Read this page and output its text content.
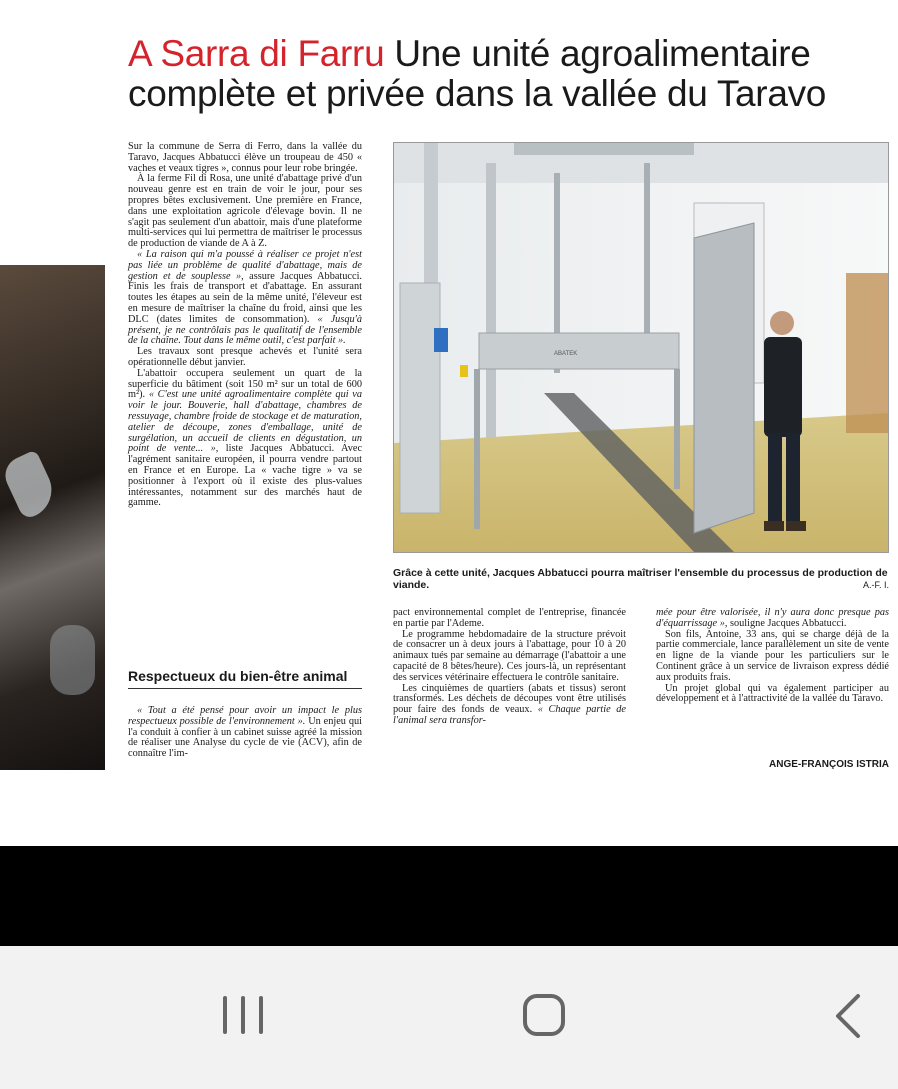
A Sarra di Farru Une unité agroalimentaire
complète et privée dans la vallée du Taravo

Sur la commune de Serra di Ferro, dans la vallée du Taravo, Jacques Abbatucci élève un troupeau de 450 « vaches et veaux tigres », connus pour leur robe bringée.

À la ferme Fil di Rosa, une unité d'abattage privé d'un nouveau genre est en train de voir le jour, pour ses propres bêtes exclusivement. Une première en France, dans une exploitation agricole d'élevage bovin. Il ne s'agit pas seulement d'un abattoir, mais d'une plateforme multi-services qui lui permettra de maîtriser le processus de production de viande de A à Z.

« La raison qui m'a poussé à réaliser ce projet n'est pas liée un problème de qualité d'abattage, mais de gestion et de souplesse », assure Jacques Abbatucci. Finis les frais de transport et d'abattage. En assurant toutes les étapes au sein de la même unité, l'éleveur est en mesure de maîtriser la chaîne du froid, ainsi que les DLC (dates limites de consommation). « Jusqu'à présent, je ne contrôlais pas le qualitatif de l'ensemble de la chaîne. Tout dans le même outil, c'est parfait ».

Les travaux sont presque achevés et l'unité sera opérationnelle début janvier.

L'abattoir occupera seulement un quart de la superficie du bâtiment (soit 150 m² sur un total de 600 m²). « C'est une unité agroalimentaire complète qui va voir le jour. Bouverie, hall d'abattage, chambres de ressuyage, chambre froide de stockage et de maturation, atelier de découpe, zones d'emballage, unité de surgélation, un accueil de clients en dégustation, un point de vente... », liste Jacques Abbatucci. Avec l'agrément sanitaire européen, il pourra vendre partout en France et en Europe. La « vache tigre » va se positionner à l'export où il existe des plus-values intéressantes, notamment sur des marchés haut de gamme.

Respectueux du bien-être animal

« Tout a été pensé pour avoir un impact le plus respectueux possible de l'environnement ». Un enjeu qui l'a conduit à confier à un cabinet suisse agréé la mission de réaliser une Analyse du cycle de vie (ACV), afin de connaître l'im-

ABATEK
Grâce à cette unité, Jacques Abbatucci pourra maîtriser l'ensemble du processus de production de viande.	A.-F. I.

pact environnemental complet de l'entreprise, financée en partie par l'Ademe.

Le programme hebdomadaire de la structure prévoit de consacrer un à deux jours à l'abattage, pour 10 à 20 animaux tués par semaine au démarrage (l'abattoir a une capacité de 8 bêtes/heure). Ces jours-là, un représentant des services vétérinaire effectuera le contrôle sanitaire.

Les cinquièmes de quartiers (abats et tissus) seront transformés. Les déchets de découpes vont être utilisés pour faire des fonds de veaux. « Chaque partie de l'animal sera transfor-

mée pour être valorisée, il n'y aura donc presque pas d'équarrissage », souligne Jacques Abbatucci.

Son fils, Antoine, 33 ans, qui se charge déjà de la partie commerciale, lance parallèlement un site de vente en ligne de la viande pour les particuliers sur le Continent grâce à un service de livraison express dédié aux produits frais.

Un projet global qui va également participer au développement et à l'attractivité de la vallée du Taravo.

ANGE-FRANÇOIS ISTRIA
